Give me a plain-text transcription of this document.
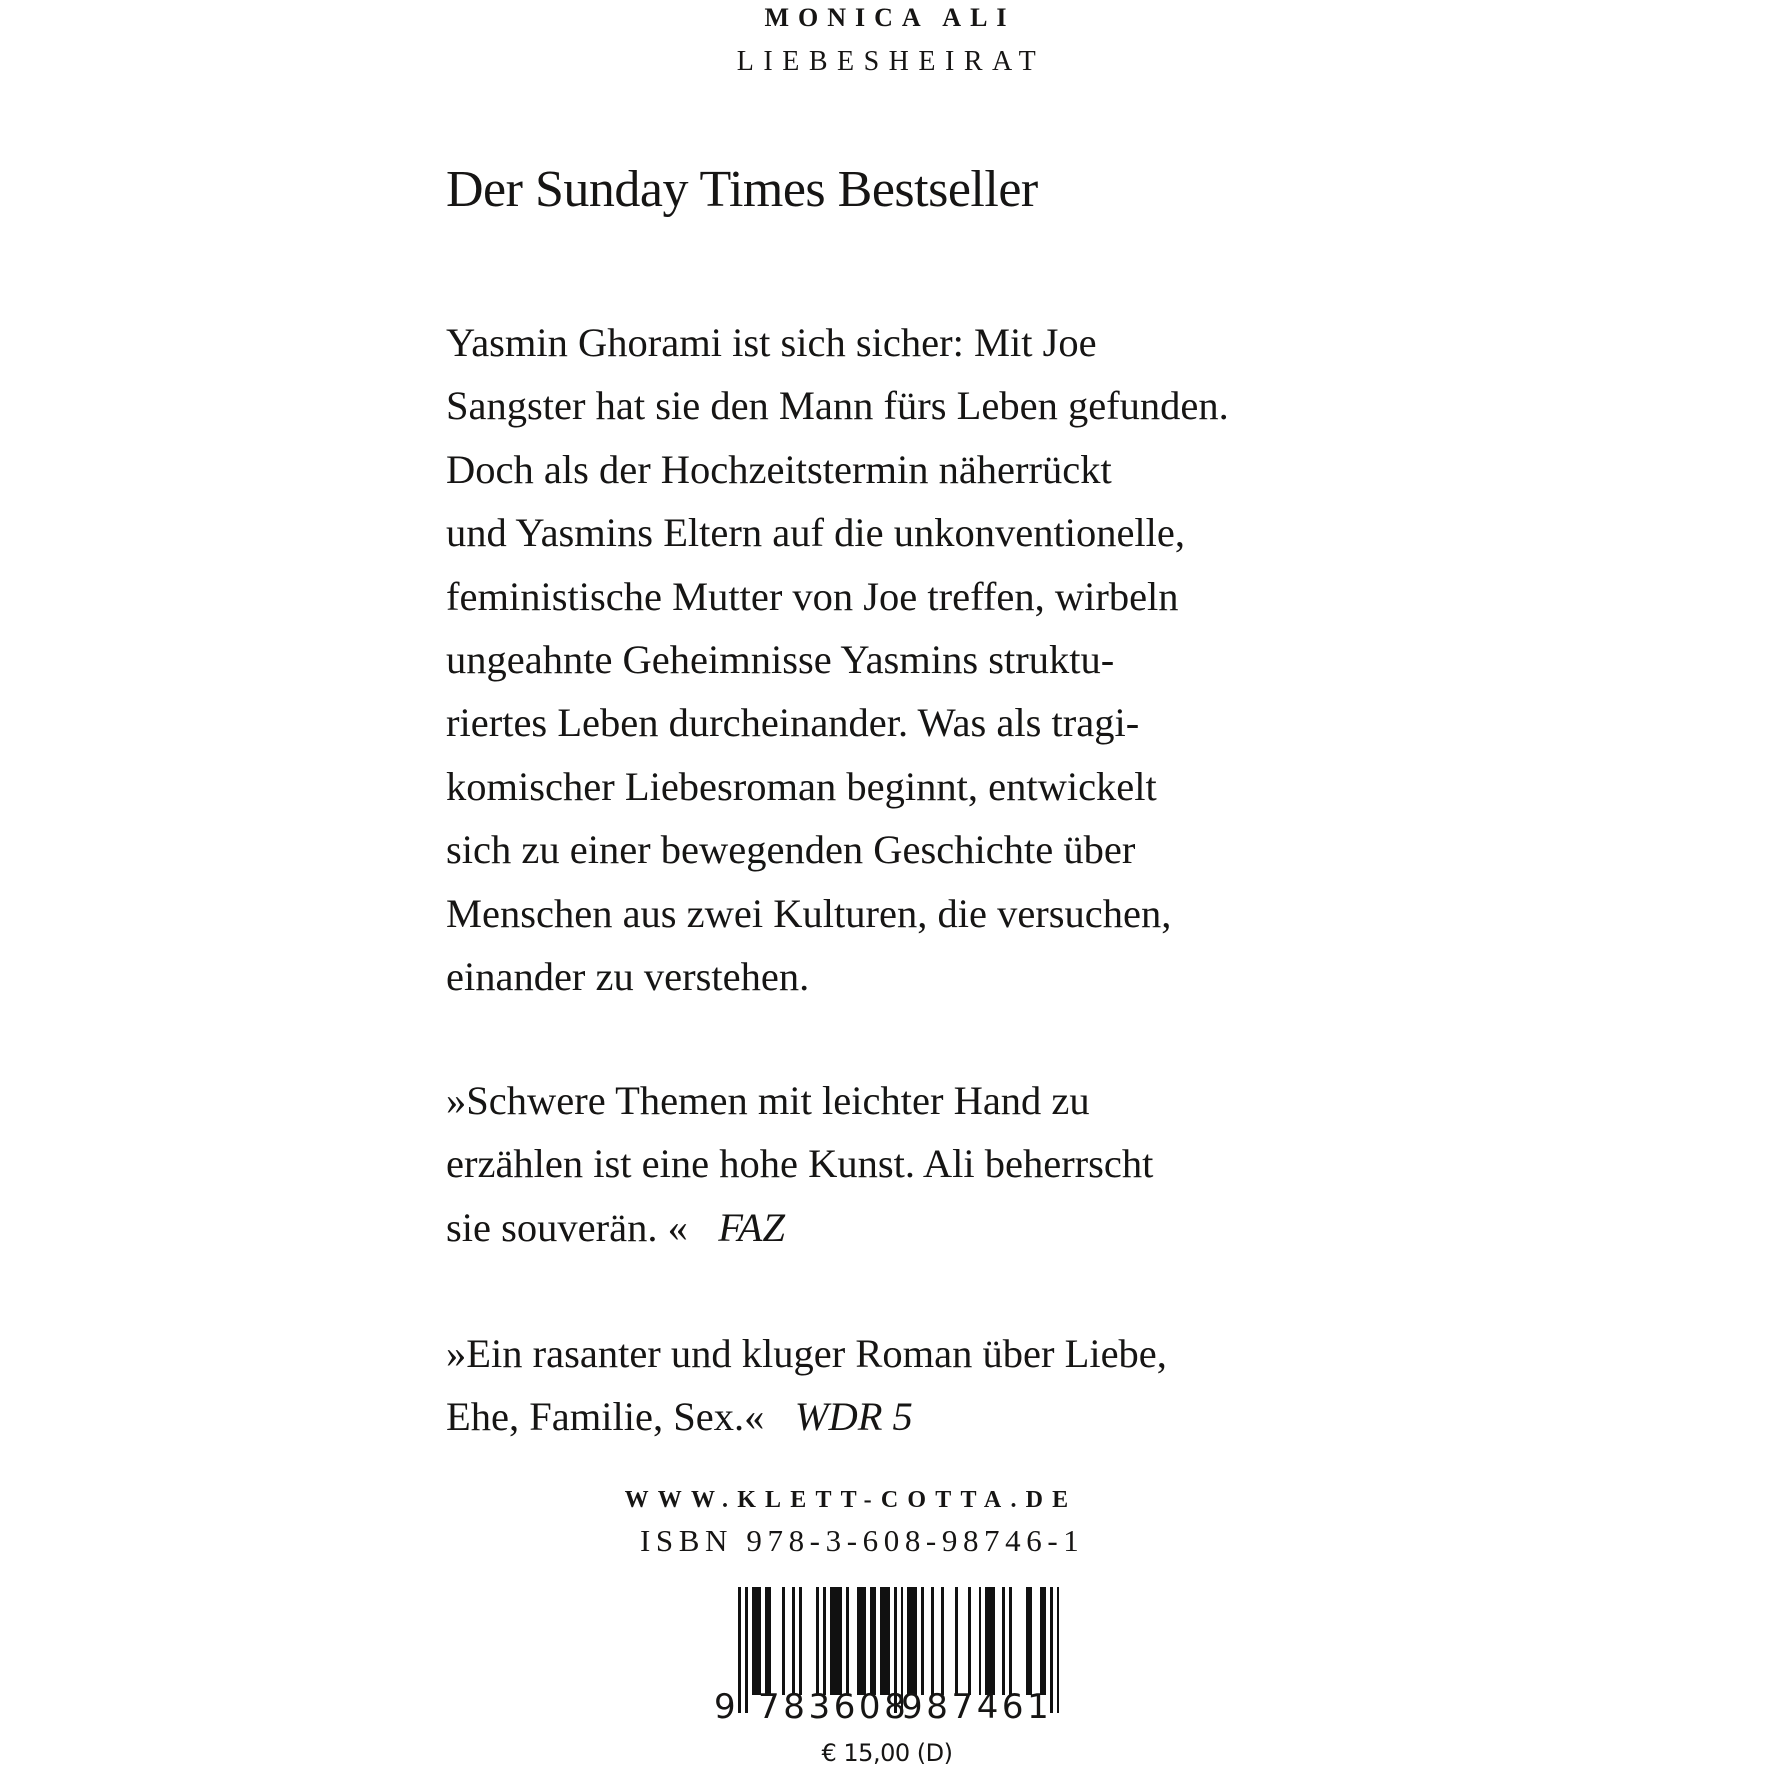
MONICA ALI
LIEBESHEIRAT
Der Sunday Times Bestseller
Yasmin Ghorami ist sich sicher: Mit Joe
Sangster hat sie den Mann fürs Leben gefunden.
Doch als der Hochzeitstermin näherrückt
und Yasmins Eltern auf die unkonventionelle,
feministische Mutter von Joe treffen, wirbeln
ungeahnte Geheimnisse Yasmins struktu-
riertes Leben durcheinander. Was als tragi-
komischer Liebesroman beginnt, entwickelt
sich zu einer bewegenden Geschichte über
Menschen aus zwei Kulturen, die versuchen,
einander zu verstehen.
»Schwere Themen mit leichter Hand zu
erzählen ist eine hohe Kunst. Ali beherrscht
sie souverän. « FAZ
»Ein rasanter und kluger Roman über Liebe,
Ehe, Familie, Sex.« WDR 5
WWW.KLETT-COTTA.DE
ISBN 978-3-608-98746-1
9 783608
987461
€ 15,00 (D)
